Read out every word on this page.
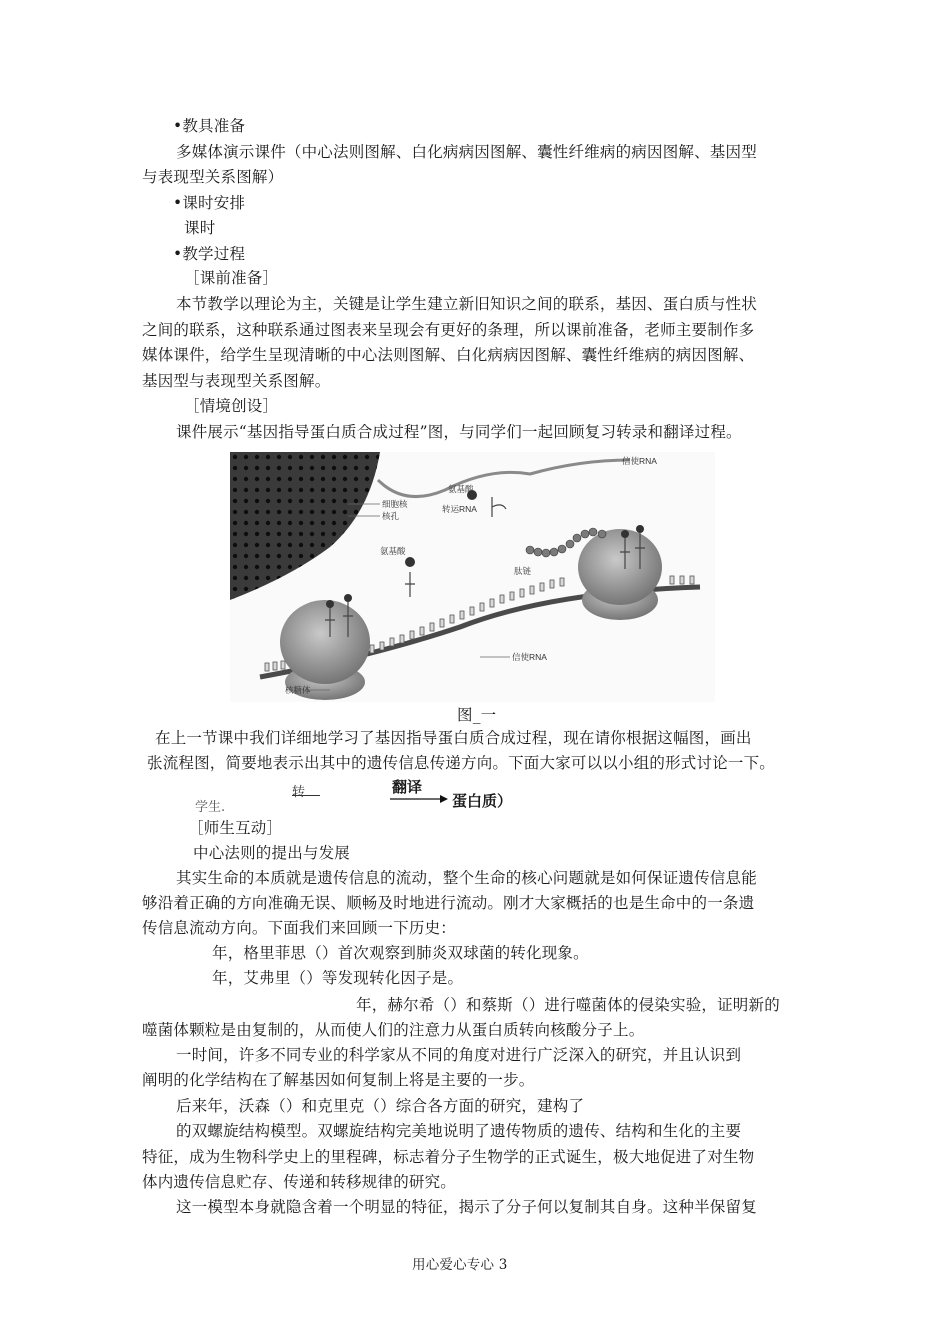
•教具准备
多媒体演示课件（中心法则图解、白化病病因图解、囊性纤维病的病因图解、基因型
与表现型关系图解）
•课时安排
课时
•教学过程
［课前准备］
本节教学以理论为主，关键是让学生建立新旧知识之间的联系，基因、蛋白质与性状
之间的联系，这种联系通过图表来呈现会有更好的条理，所以课前准备，老师主要制作多
媒体课件，给学生呈现清晰的中心法则图解、白化病病因图解、囊性纤维病的病因图解、
基因型与表现型关系图解。
［情境创设］
课件展示“基因指导蛋白质合成过程”图，与同学们一起回顾复习转录和翻译过程。
信使RNA
细胞核
核孔
氨基酸
转运RNA
氨基酸
肽链
信使RNA
核糖体
图_一
在上一节课中我们详细地学习了基因指导蛋白质合成过程，现在请你根据这幅图，画出
张流程图，简要地表示出其中的遗传信息传递方向。下面大家可以以小组的形式讨论一下。
学生.
转	翻译
蛋白质）
［师生互动］
中心法则的提出与发展
其实生命的本质就是遗传信息的流动，整个生命的核心问题就是如何保证遗传信息能
够沿着正确的方向准确无误、顺畅及时地进行流动。刚才大家概括的也是生命中的一条遗
传信息流动方向。下面我们来回顾一下历史：
年，格里菲思（）首次观察到肺炎双球菌的转化现象。
年，艾弗里（）等发现转化因子是。
年，赫尔希（）和蔡斯（）进行噬菌体的侵染实验，证明新的
噬菌体颗粒是由复制的，从而使人们的注意力从蛋白质转向核酸分子上。
一时间，许多不同专业的科学家从不同的角度对进行广泛深入的研究，并且认识到
阐明的化学结构在了解基因如何复制上将是主要的一步。
后来年，沃森（）和克里克（）综合各方面的研究，建构了
的双螺旋结构模型。双螺旋结构完美地说明了遗传物质的遗传、结构和生化的主要
特征，成为生物科学史上的里程碑，标志着分子生物学的正式诞生，极大地促进了对生物
体内遗传信息贮存、传递和转移规律的研究。
这一模型本身就隐含着一个明显的特征，揭示了分子何以复制其自身。这种半保留复
用心爱心专心 3
